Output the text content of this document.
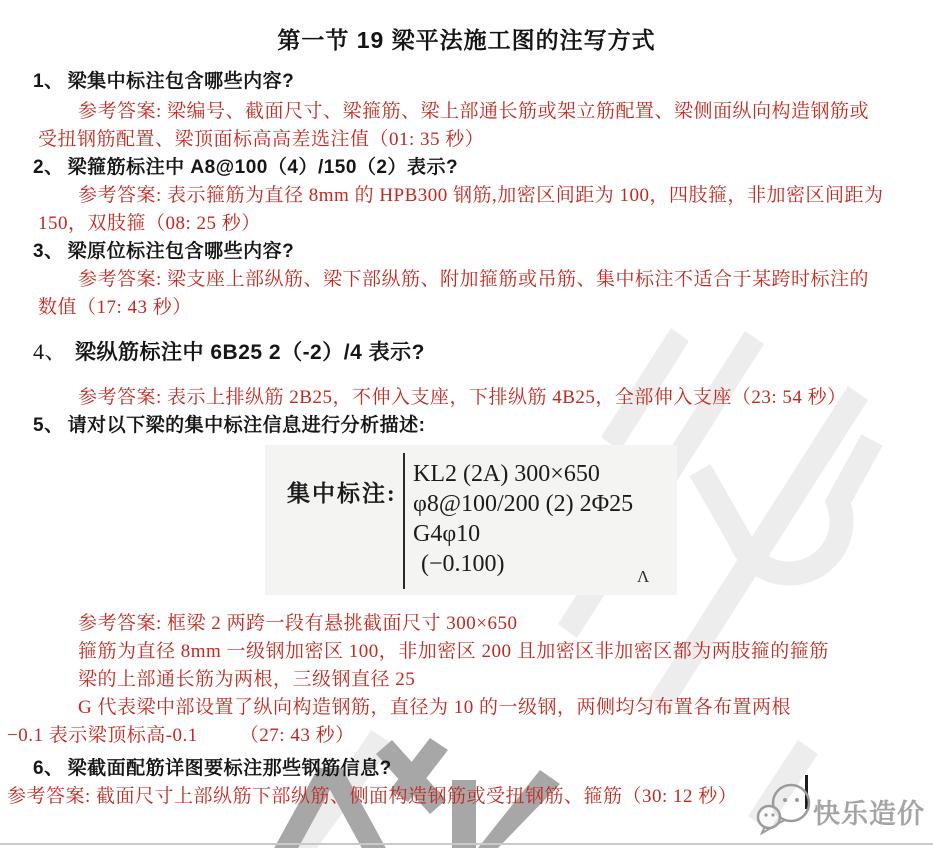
第一节 19 梁平法施工图的注写方式
1、 梁集中标注包含哪些内容?
参考答案: 梁编号、截面尺寸、梁箍筋、梁上部通长筋或架立筋配置、梁侧面纵向构造钢筋或
受扭钢筋配置、梁顶面标高高差选注值（01: 35 秒）
2、 梁箍筋标注中 A8@100（4）/150（2）表示?
参考答案: 表示箍筋为直径 8mm 的 HPB300 钢筋,加密区间距为 100，四肢箍，非加密区间距为
150，双肢箍（08: 25 秒）
3、 梁原位标注包含哪些内容?
参考答案: 梁支座上部纵筋、梁下部纵筋、附加箍筋或吊筋、集中标注不适合于某跨时标注的
数值（17: 43 秒）
4、 梁纵筋标注中 6B25 2（-2）/4 表示?
参考答案: 表示上排纵筋 2B25，不伸入支座，下排纵筋 4B25，全部伸入支座（23: 54 秒）
5、 请对以下梁的集中标注信息进行分析描述:

集中标注:

KL2 (2A) 300×650

φ8@100/200 (2) 2Φ25

G4φ10

(−0.100)

	Λ
参考答案: 框梁 2 两跨一段有悬挑截面尺寸 300×650
箍筋为直径 8mm 一级钢加密区 100，非加密区 200 且加密区非加密区都为两肢箍的箍筋
梁的上部通长筋为两根，三级钢直径 25
G 代表梁中部设置了纵向构造钢筋，直径为 10 的一级钢，两侧均匀布置各布置两根
−0.1 表示梁顶标高-0.1        （27: 43 秒）
6、 梁截面配筋详图要标注那些钢筋信息?
参考答案: 截面尺寸上部纵筋下部纵筋、侧面构造钢筋或受扭钢筋、箍筋（30: 12 秒）
快乐造价
